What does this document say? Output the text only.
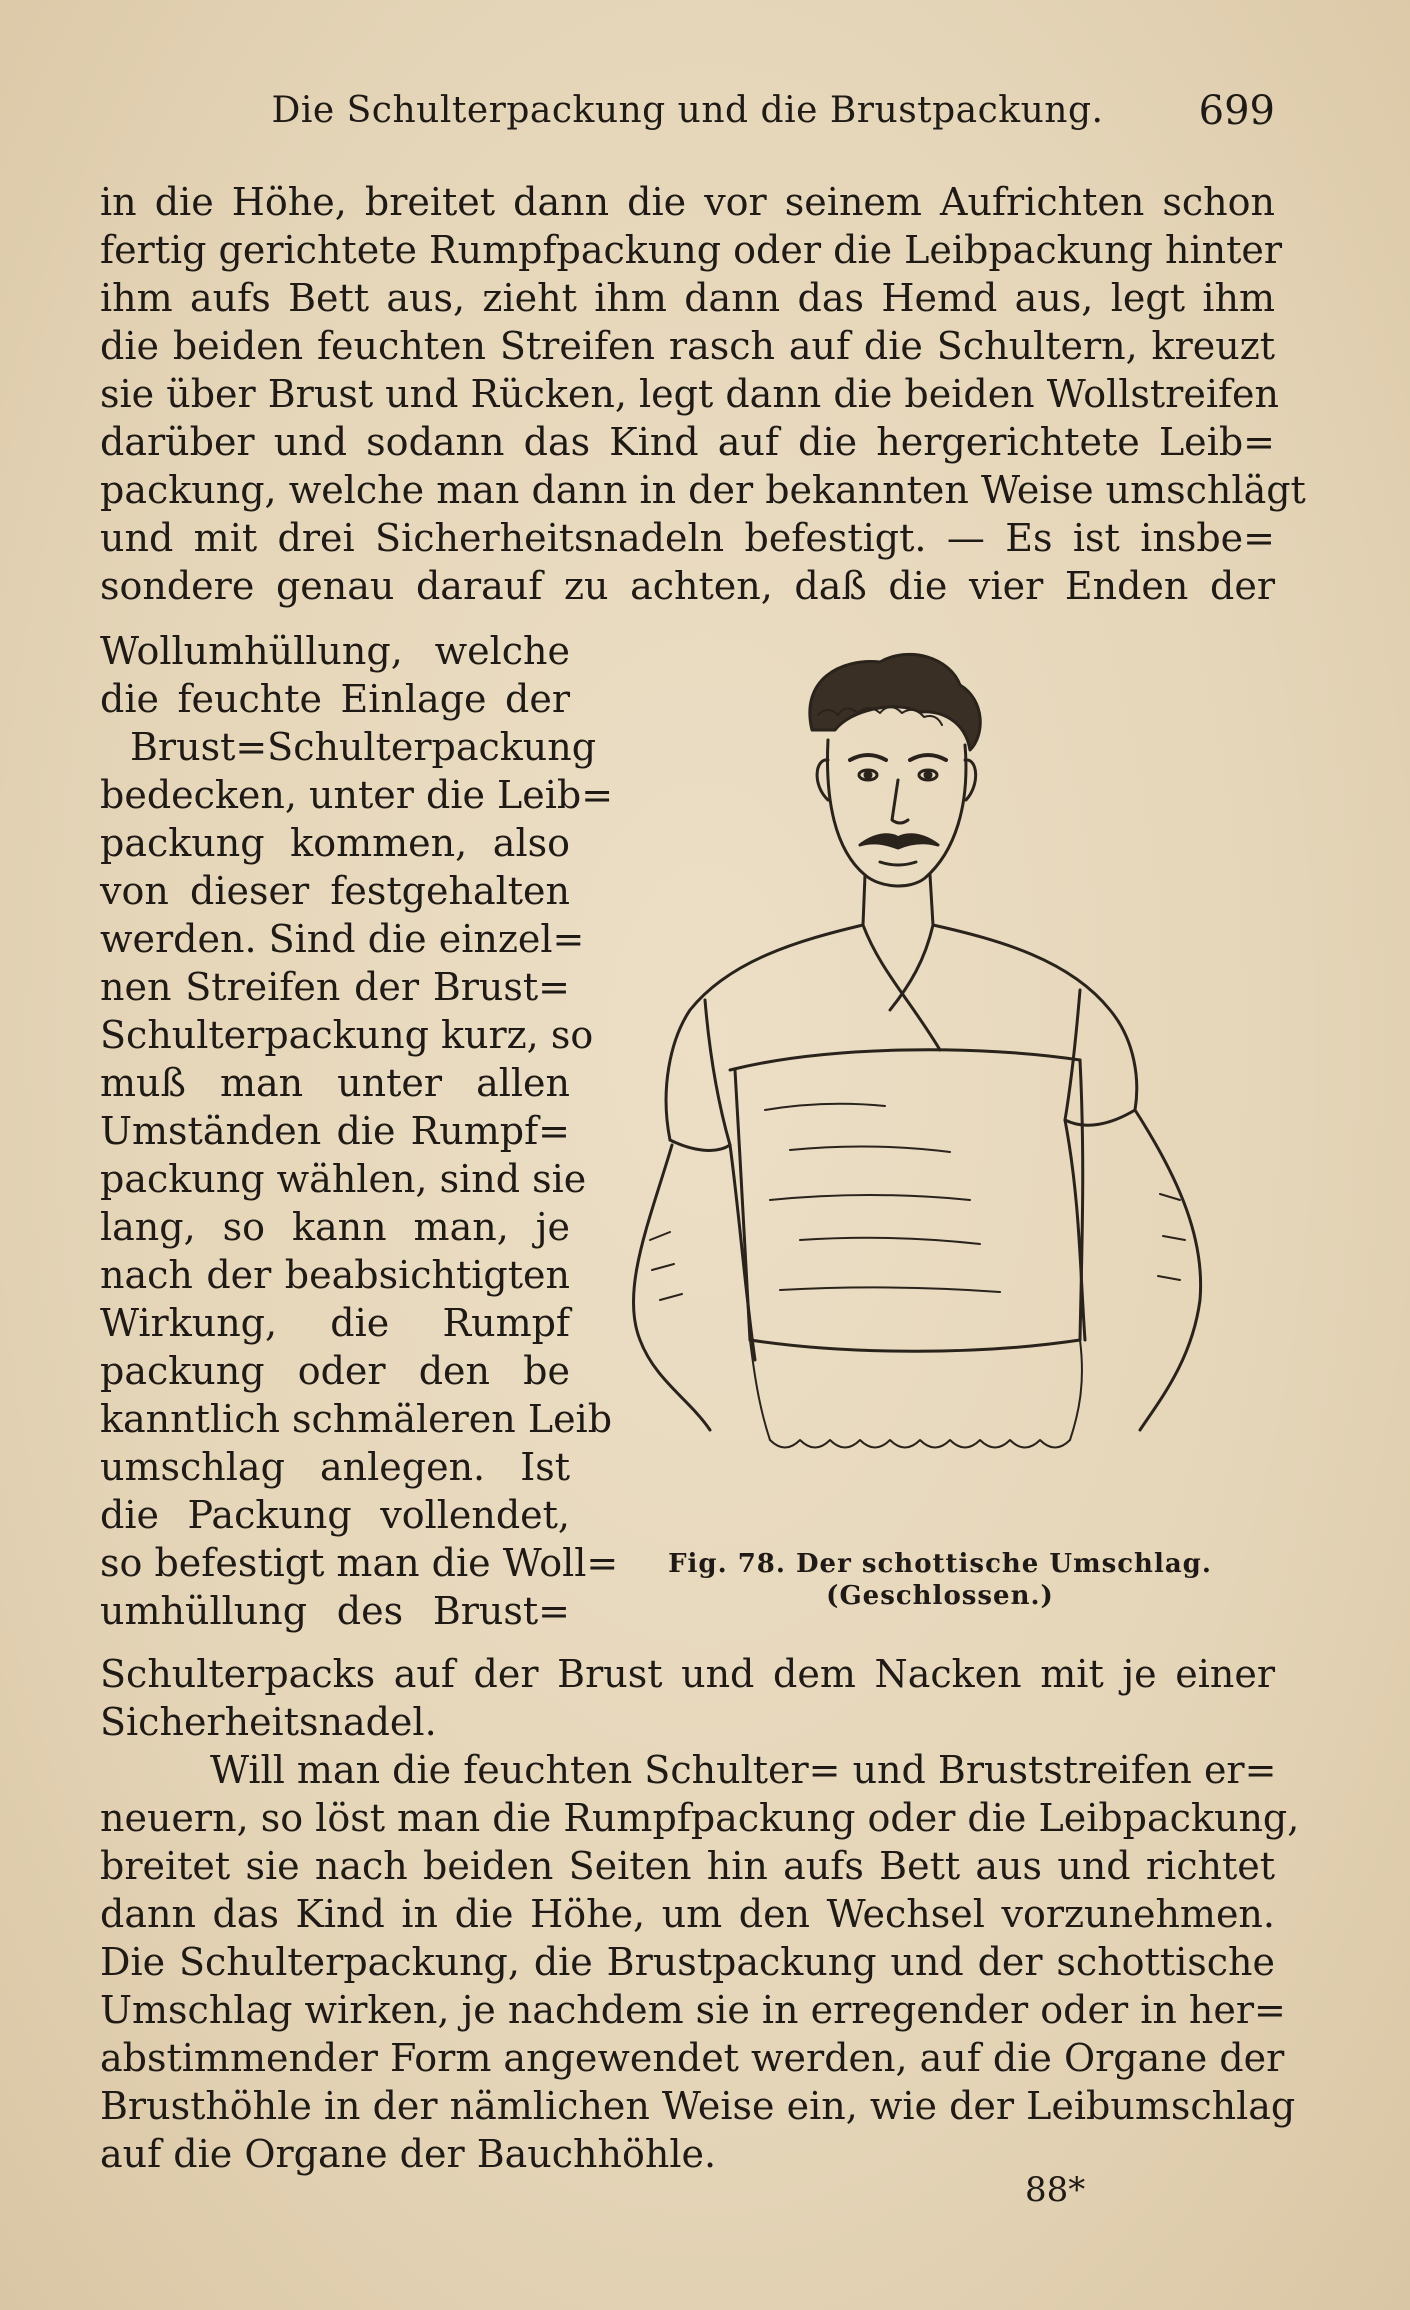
Die Schulterpackung und die Brustpackung.	699
in die Höhe, breitet dann die vor seinem Aufrichten schon
fertig gerichtete Rumpfpackung oder die Leibpackung hinter
ihm aufs Bett aus, zieht ihm dann das Hemd aus, legt ihm
die beiden feuchten Streifen rasch auf die Schultern, kreuzt
sie über Brust und Rücken, legt dann die beiden Wollstreifen
darüber und sodann das Kind auf die hergerichtete Leib=
packung, welche man dann in der bekannten Weise umschlägt
und mit drei Sicherheitsnadeln befestigt. — Es ist insbe=
sondere genau darauf zu achten, daß die vier Enden der
Wollumhüllung, welche
die feuchte Einlage der
Brust=Schulterpackung
bedecken, unter die Leib=
packung kommen, also
von dieser festgehalten
werden. Sind die einzel=
nen Streifen der Brust=
Schulterpackung kurz, so
muß man unter allen
Umständen die Rumpf=
packung wählen, sind sie
lang, so kann man, je
nach der beabsichtigten
Wirkung, die Rumpf
packung oder den be
kanntlich schmäleren Leib
umschlag anlegen. Ist
die Packung vollendet,
so befestigt man die Woll=
umhüllung des Brust=
Fig. 78. Der schottische Umschlag.
(Geschlossen.)
Schulterpacks auf der Brust und dem Nacken mit je einer
Sicherheitsnadel.
Will man die feuchten Schulter= und Bruststreifen er=
neuern, so löst man die Rumpfpackung oder die Leibpackung,
breitet sie nach beiden Seiten hin aufs Bett aus und richtet
dann das Kind in die Höhe, um den Wechsel vorzunehmen.
Die Schulterpackung, die Brustpackung und der schottische
Umschlag wirken, je nachdem sie in erregender oder in her=
abstimmender Form angewendet werden, auf die Organe der
Brusthöhle in der nämlichen Weise ein, wie der Leibumschlag
auf die Organe der Bauchhöhle.
88*
